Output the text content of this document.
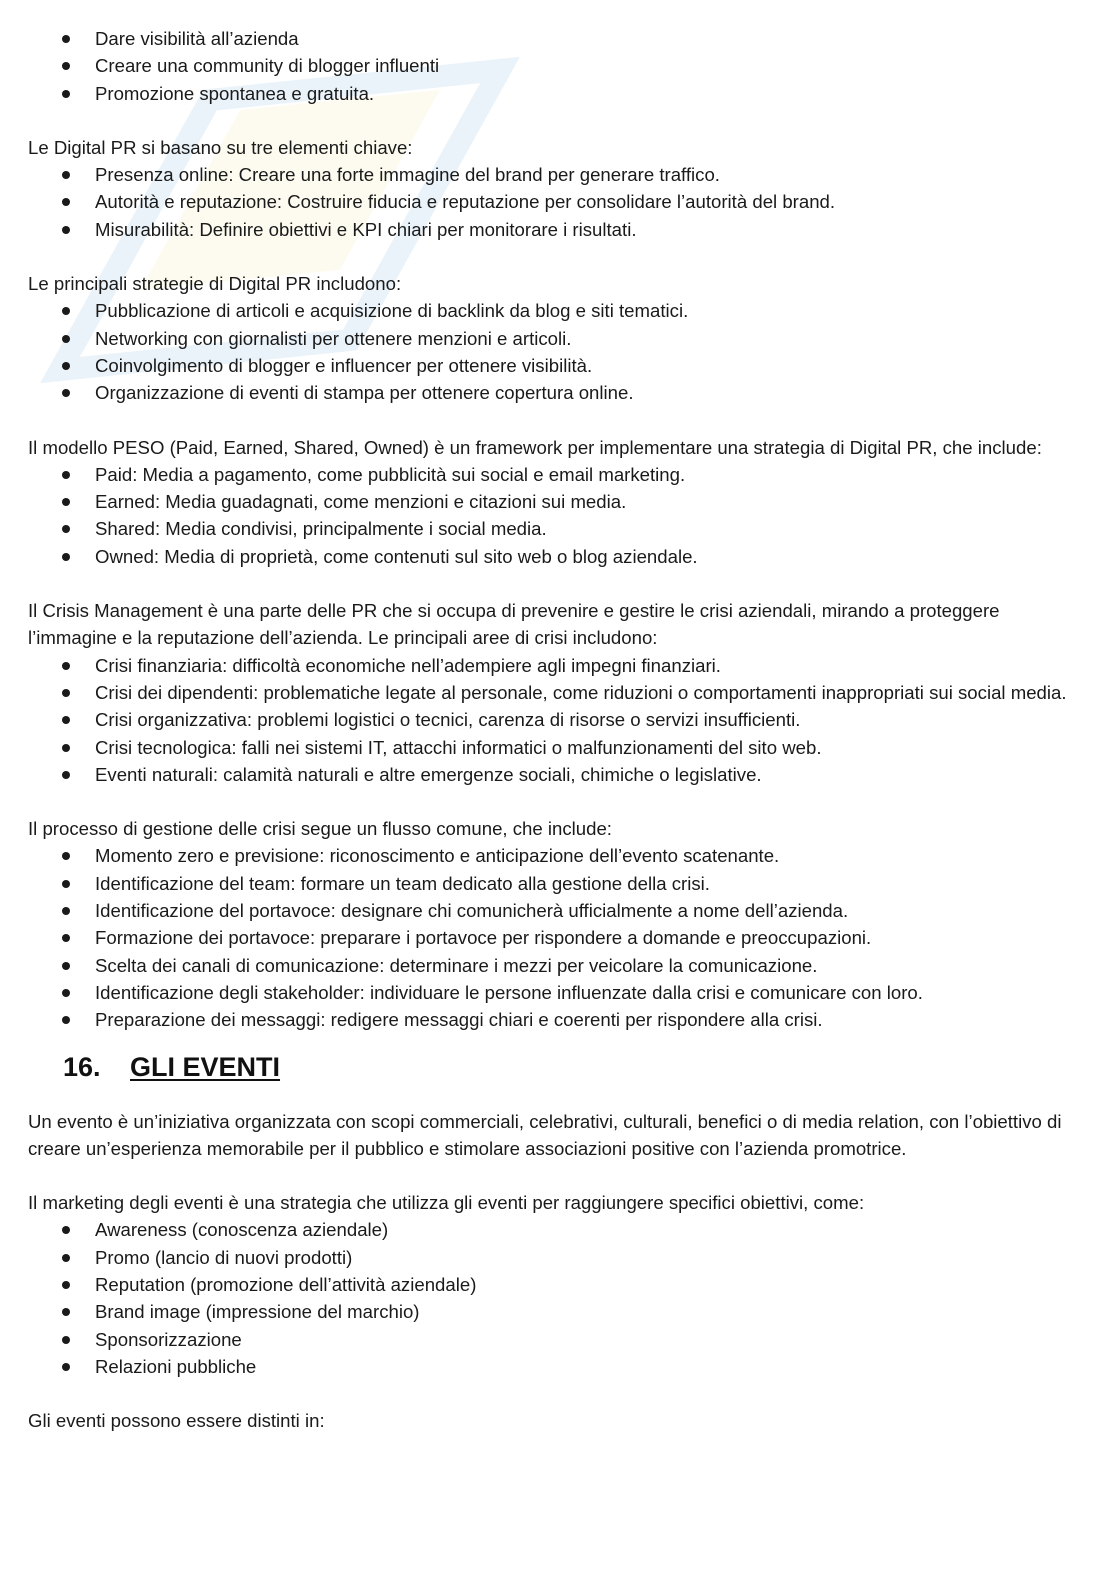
Dare visibilità all’azienda
Creare una community di blogger influenti
Promozione spontanea e gratuita.

Le Digital PR si basano su tre elementi chiave:

Presenza online: Creare una forte immagine del brand per generare traffico.
Autorità e reputazione: Costruire fiducia e reputazione per consolidare l’autorità del brand.
Misurabilità: Definire obiettivi e KPI chiari per monitorare i risultati.

Le principali strategie di Digital PR includono:

Pubblicazione di articoli e acquisizione di backlink da blog e siti tematici.
Networking con giornalisti per ottenere menzioni e articoli.
Coinvolgimento di blogger e influencer per ottenere visibilità.
Organizzazione di eventi di stampa per ottenere copertura online.

Il modello PESO (Paid, Earned, Shared, Owned) è un framework per implementare una strategia di Digital PR, che include:

Paid: Media a pagamento, come pubblicità sui social e email marketing.
Earned: Media guadagnati, come menzioni e citazioni sui media.
Shared: Media condivisi, principalmente i social media.
Owned: Media di proprietà, come contenuti sul sito web o blog aziendale.

Il Crisis Management è una parte delle PR che si occupa di prevenire e gestire le crisi aziendali, mirando a proteggere l’immagine e la reputazione dell’azienda. Le principali aree di crisi includono:

Crisi finanziaria: difficoltà economiche nell’adempiere agli impegni finanziari.
Crisi dei dipendenti: problematiche legate al personale, come riduzioni o comportamenti inappropriati sui social media.
Crisi organizzativa: problemi logistici o tecnici, carenza di risorse o servizi insufficienti.
Crisi tecnologica: falli nei sistemi IT, attacchi informatici o malfunzionamenti del sito web.
Eventi naturali: calamità naturali e altre emergenze sociali, chimiche o legislative.

Il processo di gestione delle crisi segue un flusso comune, che include:

Momento zero e previsione: riconoscimento e anticipazione dell’evento scatenante.
Identificazione del team: formare un team dedicato alla gestione della crisi.
Identificazione del portavoce: designare chi comunicherà ufficialmente a nome dell’azienda.
Formazione dei portavoce: preparare i portavoce per rispondere a domande e preoccupazioni.
Scelta dei canali di comunicazione: determinare i mezzi per veicolare la comunicazione.
Identificazione degli stakeholder: individuare le persone influenzate dalla crisi e comunicare con loro.
Preparazione dei messaggi: redigere messaggi chiari e coerenti per rispondere alla crisi.
16. GLI EVENTI

Un evento è un’iniziativa organizzata con scopi commerciali, celebrativi, culturali, benefici o di media relation, con l’obiettivo di creare un’esperienza memorabile per il pubblico e stimolare associazioni positive con l’azienda promotrice.

Il marketing degli eventi è una strategia che utilizza gli eventi per raggiungere specifici obiettivi, come:

Awareness (conoscenza aziendale)
Promo (lancio di nuovi prodotti)
Reputation (promozione dell’attività aziendale)
Brand image (impressione del marchio)
Sponsorizzazione
Relazioni pubbliche

Gli eventi possono essere distinti in:
